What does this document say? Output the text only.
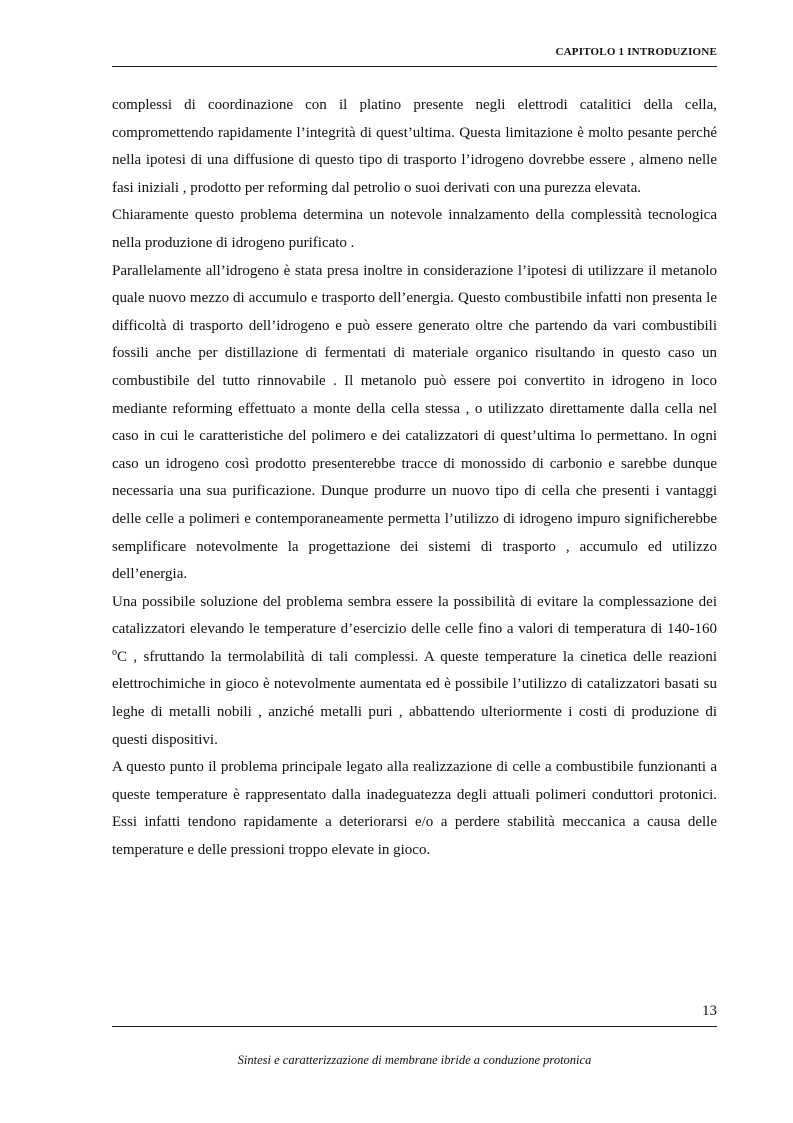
CAPITOLO 1 INTRODUZIONE

complessi di coordinazione con il platino presente negli elettrodi catalitici della cella, compromettendo rapidamente l’integrità di quest’ultima. Questa limitazione è molto pesante perché nella ipotesi di una diffusione di questo tipo di trasporto l’idrogeno dovrebbe essere , almeno nelle fasi iniziali , prodotto per reforming dal petrolio o suoi derivati con una purezza elevata.

Chiaramente questo problema determina un notevole innalzamento della complessità tecnologica nella produzione di idrogeno purificato .

Parallelamente all’idrogeno è stata presa inoltre in considerazione l’ipotesi di utilizzare il metanolo quale nuovo mezzo di accumulo e trasporto dell’energia. Questo combustibile infatti non presenta le difficoltà di trasporto dell’idrogeno e può essere generato oltre che partendo da vari combustibili fossili anche per distillazione di fermentati di materiale organico risultando in questo caso un combustibile del tutto rinnovabile . Il metanolo può essere poi convertito in idrogeno in loco mediante reforming effettuato a monte della cella stessa , o utilizzato direttamente dalla cella nel caso in cui le caratteristiche del polimero e dei catalizzatori di quest’ultima lo permettano. In ogni caso un idrogeno così prodotto presenterebbe tracce di monossido di carbonio e sarebbe dunque necessaria una sua purificazione. Dunque produrre un nuovo tipo di cella che presenti i vantaggi delle celle a polimeri e contemporaneamente permetta l’utilizzo di idrogeno impuro significherebbe semplificare notevolmente la progettazione dei sistemi di trasporto , accumulo ed utilizzo dell’energia.

Una possibile soluzione del problema sembra essere la possibilità di evitare la complessazione dei catalizzatori elevando le temperature d’esercizio delle celle fino a valori di temperatura di 140-160 $^o$C , sfruttando la termolabilità di tali complessi. A queste temperature la cinetica delle reazioni elettrochimiche in gioco è notevolmente aumentata ed è possibile l’utilizzo di catalizzatori basati su leghe di metalli nobili , anziché metalli puri , abbattendo ulteriormente i costi di produzione di questi dispositivi.

A questo punto il problema principale legato alla realizzazione di celle a combustibile funzionanti a queste temperature è rappresentato dalla inadeguatezza degli attuali polimeri conduttori protonici. Essi infatti tendono rapidamente a deteriorarsi e/o a perdere stabilità meccanica a causa delle temperature e delle pressioni troppo elevate in gioco.

13
Sintesi e caratterizzazione di membrane ibride a conduzione protonica
